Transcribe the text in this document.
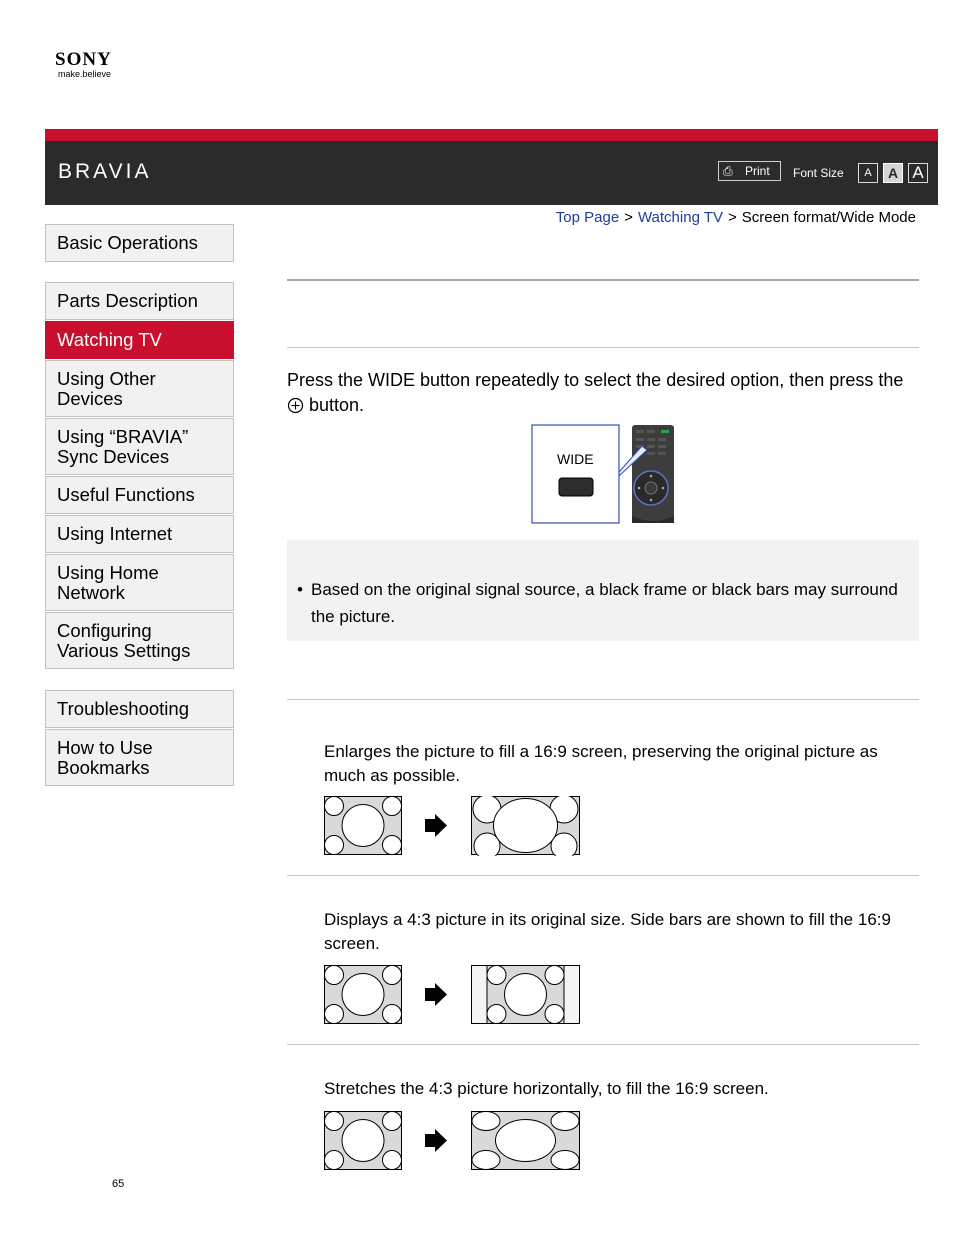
SONY
make.believe
BRAVIA	⎙ Print Font Size	A	A A
Top Page > Watching TV > Screen format/Wide Mode
Basic Operations
Parts Description
Watching TV
Using Other Devices
Using “BRAVIA” Sync Devices
Useful Functions
Using Internet
Using Home Network
Configuring Various Settings
Troubleshooting
How to Use Bookmarks
Press the WIDE button repeatedly to select the desired option, then press the  button.
WIDE
• Based on the original signal source, a black frame or black bars may surround the picture.
Enlarges the picture to fill a 16:9 screen, preserving the original picture as much as possible.
Displays a 4:3 picture in its original size. Side bars are shown to fill the 16:9 screen.
Stretches the 4:3 picture horizontally, to fill the 16:9 screen.
65
